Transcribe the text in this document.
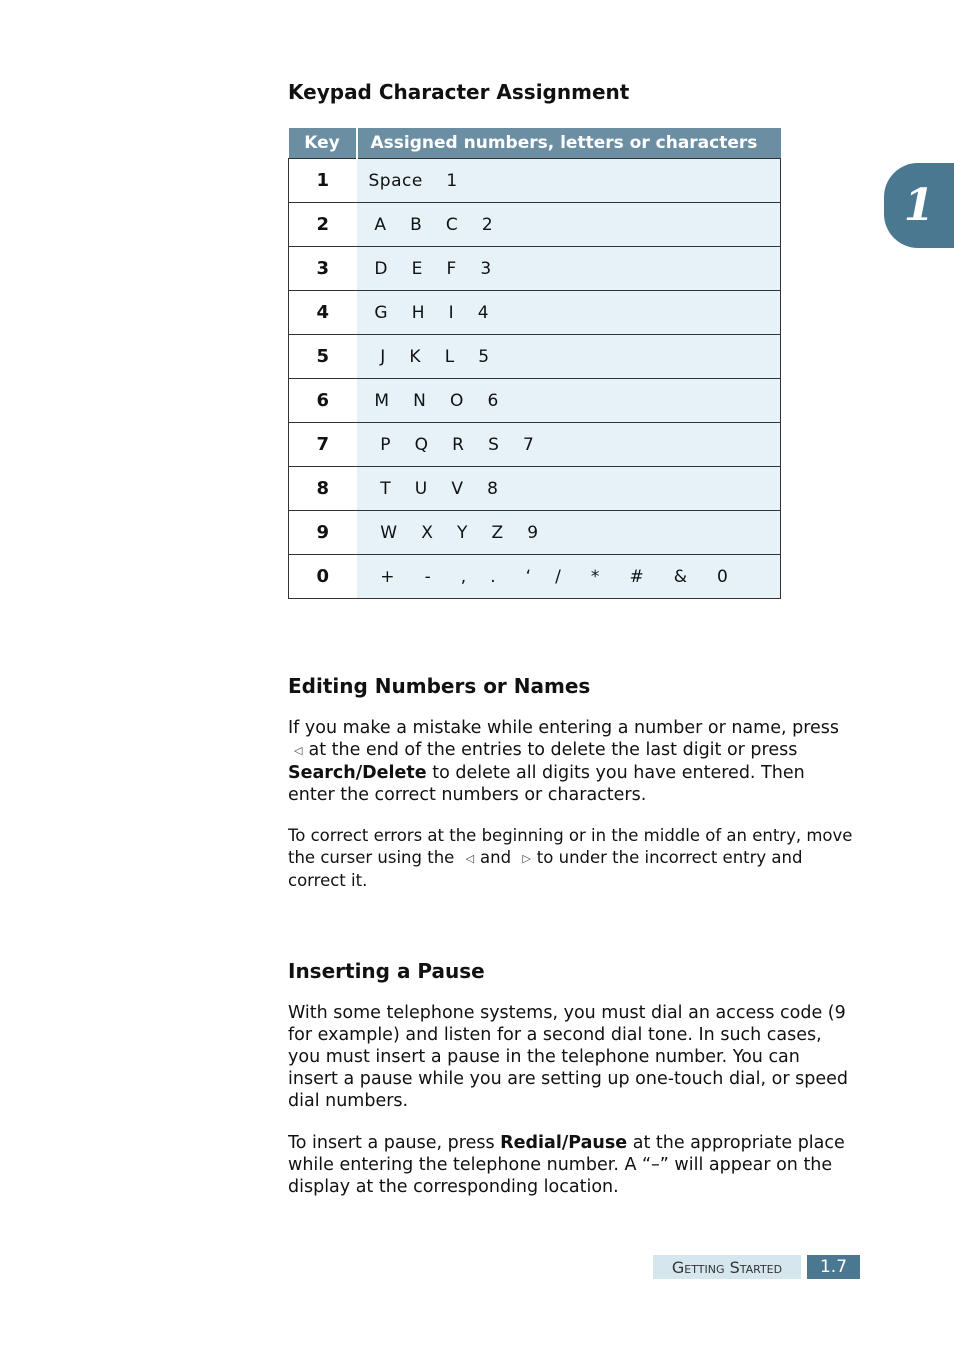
Keypad Character Assignment
Key	Assigned numbers, letters or characters
1	Space    1
2	A    B    C    2
3	D    E    F    3
4	G    H    I    4
5	J    K    L    5
6	M    N    O    6
7	P    Q    R    S    7
8	T    U    V    8
9	W    X    Y    Z    9
0	+     -     ,    .     ‘    /     *     #     &     0
Editing Numbers or Names

If you make a mistake while entering a number or name, press
◁ at the end of the entries to delete the last digit or press Search/Delete to delete all digits you have entered. Then enter the correct numbers or characters.

To correct errors at the beginning or in the middle of an entry, move the curser using the ◁ and ▷ to under the incorrect entry and correct it.

Inserting a Pause

With some telephone systems, you must dial an access code (9 for example) and listen for a second dial tone. In such cases, you must insert a pause in the telephone number. You can insert a pause while you are setting up one-touch dial, or speed dial numbers.

To insert a pause, press Redial/Pause at the appropriate place while entering the telephone number. A “–” will appear on the display at the corresponding location.

1
Getting Started	1.7
